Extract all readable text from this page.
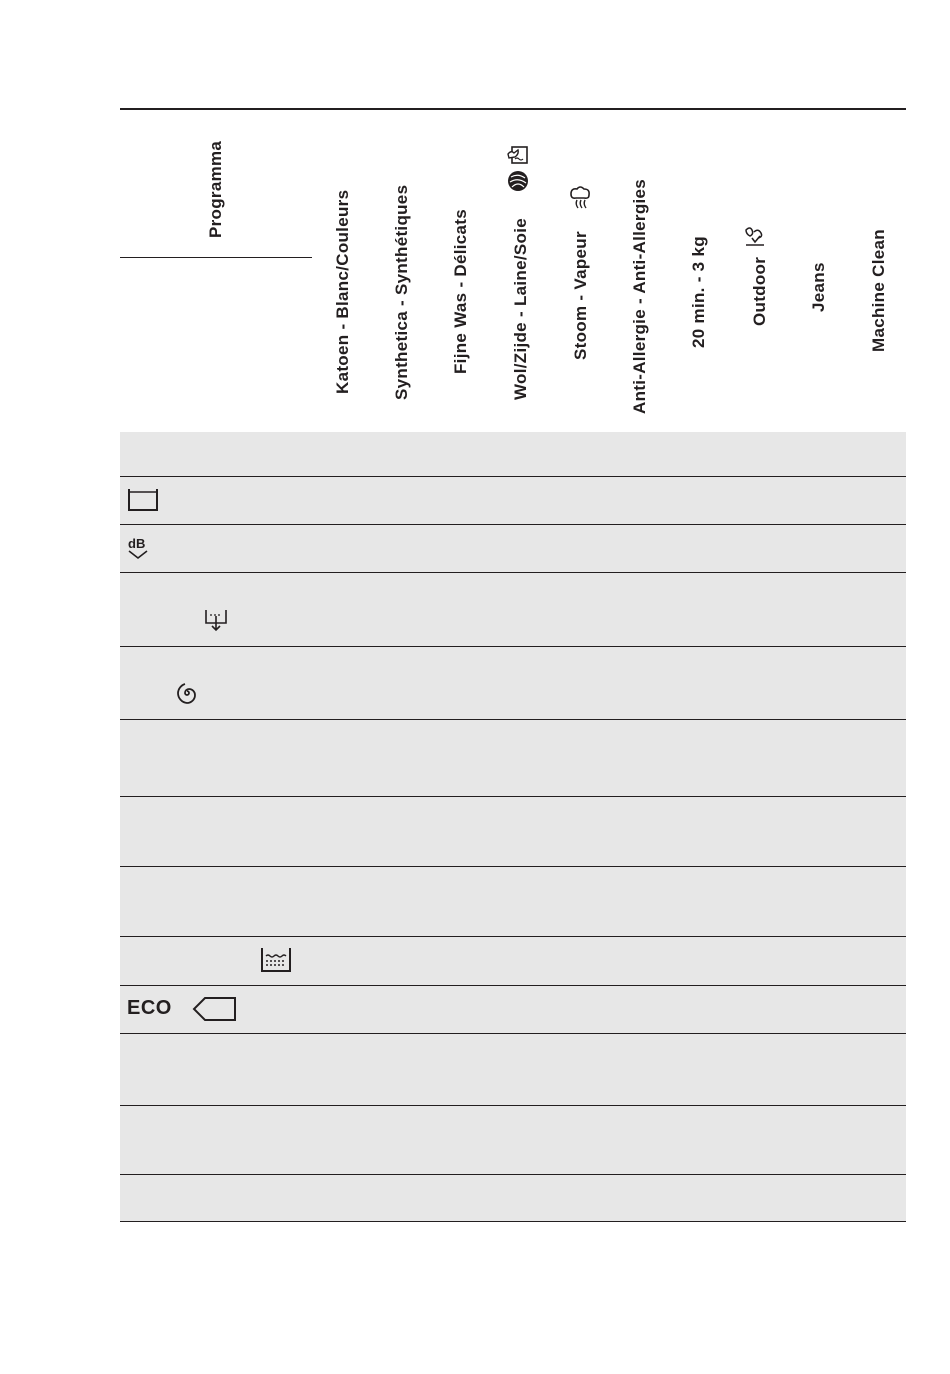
Programma
Katoen - Blanc/Couleurs Synthetica - Synthétiques Fijne Was - Délicats Wol/Zijde - Laine/Soie Stoom - Vapeur Anti-Allergie - Anti-Allergies 20 min. - 3 kg Outdoor Jeans Machine Clean
dB
ECO
